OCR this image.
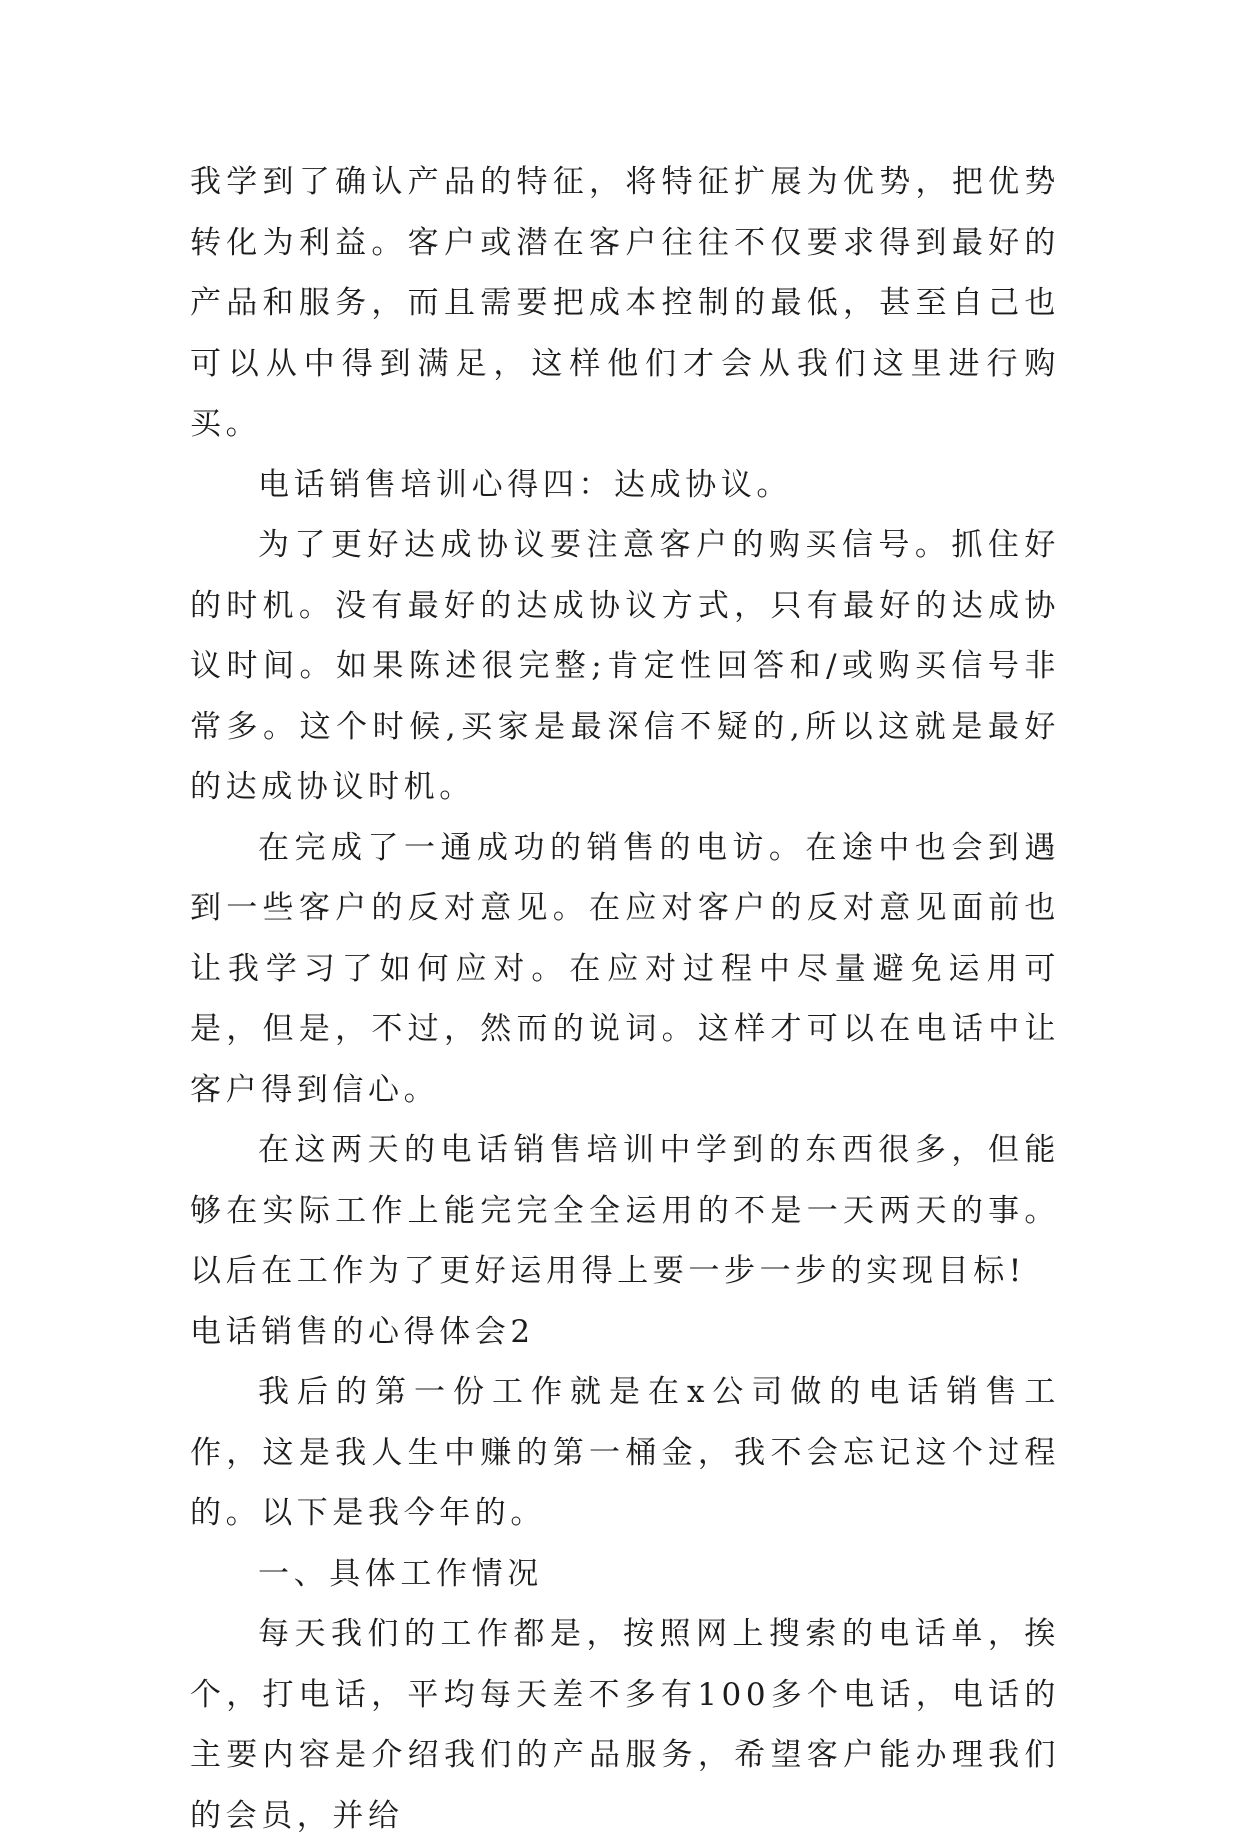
我学到了确认产品的特征，将特征扩展为优势，把优势转化为利益。客户或潜在客户往往不仅要求得到最好的产品和服务，而且需要把成本控制的最低，甚至自己也可以从中得到满足，这样他们才会从我们这里进行购买。

电话销售培训心得四：达成协议。

为了更好达成协议要注意客户的购买信号。抓住好的时机。没有最好的达成协议方式，只有最好的达成协议时间。如果陈述很完整;肯定性回答和/或购买信号非常多。这个时候,买家是最深信不疑的,所以这就是最好的达成协议时机。

在完成了一通成功的销售的电访。在途中也会到遇到一些客户的反对意见。在应对客户的反对意见面前也让我学习了如何应对。在应对过程中尽量避免运用可是，但是，不过，然而的说词。这样才可以在电话中让客户得到信心。

在这两天的电话销售培训中学到的东西很多，但能够在实际工作上能完完全全运用的不是一天两天的事。以后在工作为了更好运用得上要一步一步的实现目标!

电话销售的心得体会2

我后的第一份工作就是在x公司做的电话销售工作，这是我人生中赚的第一桶金，我不会忘记这个过程的。以下是我今年的。

一、具体工作情况

每天我们的工作都是，按照网上搜索的电话单，挨个，打电话，平均每天差不多有100多个电话，电话的主要内容是介绍我们的产品服务，希望客户能办理我们的会员，并给
